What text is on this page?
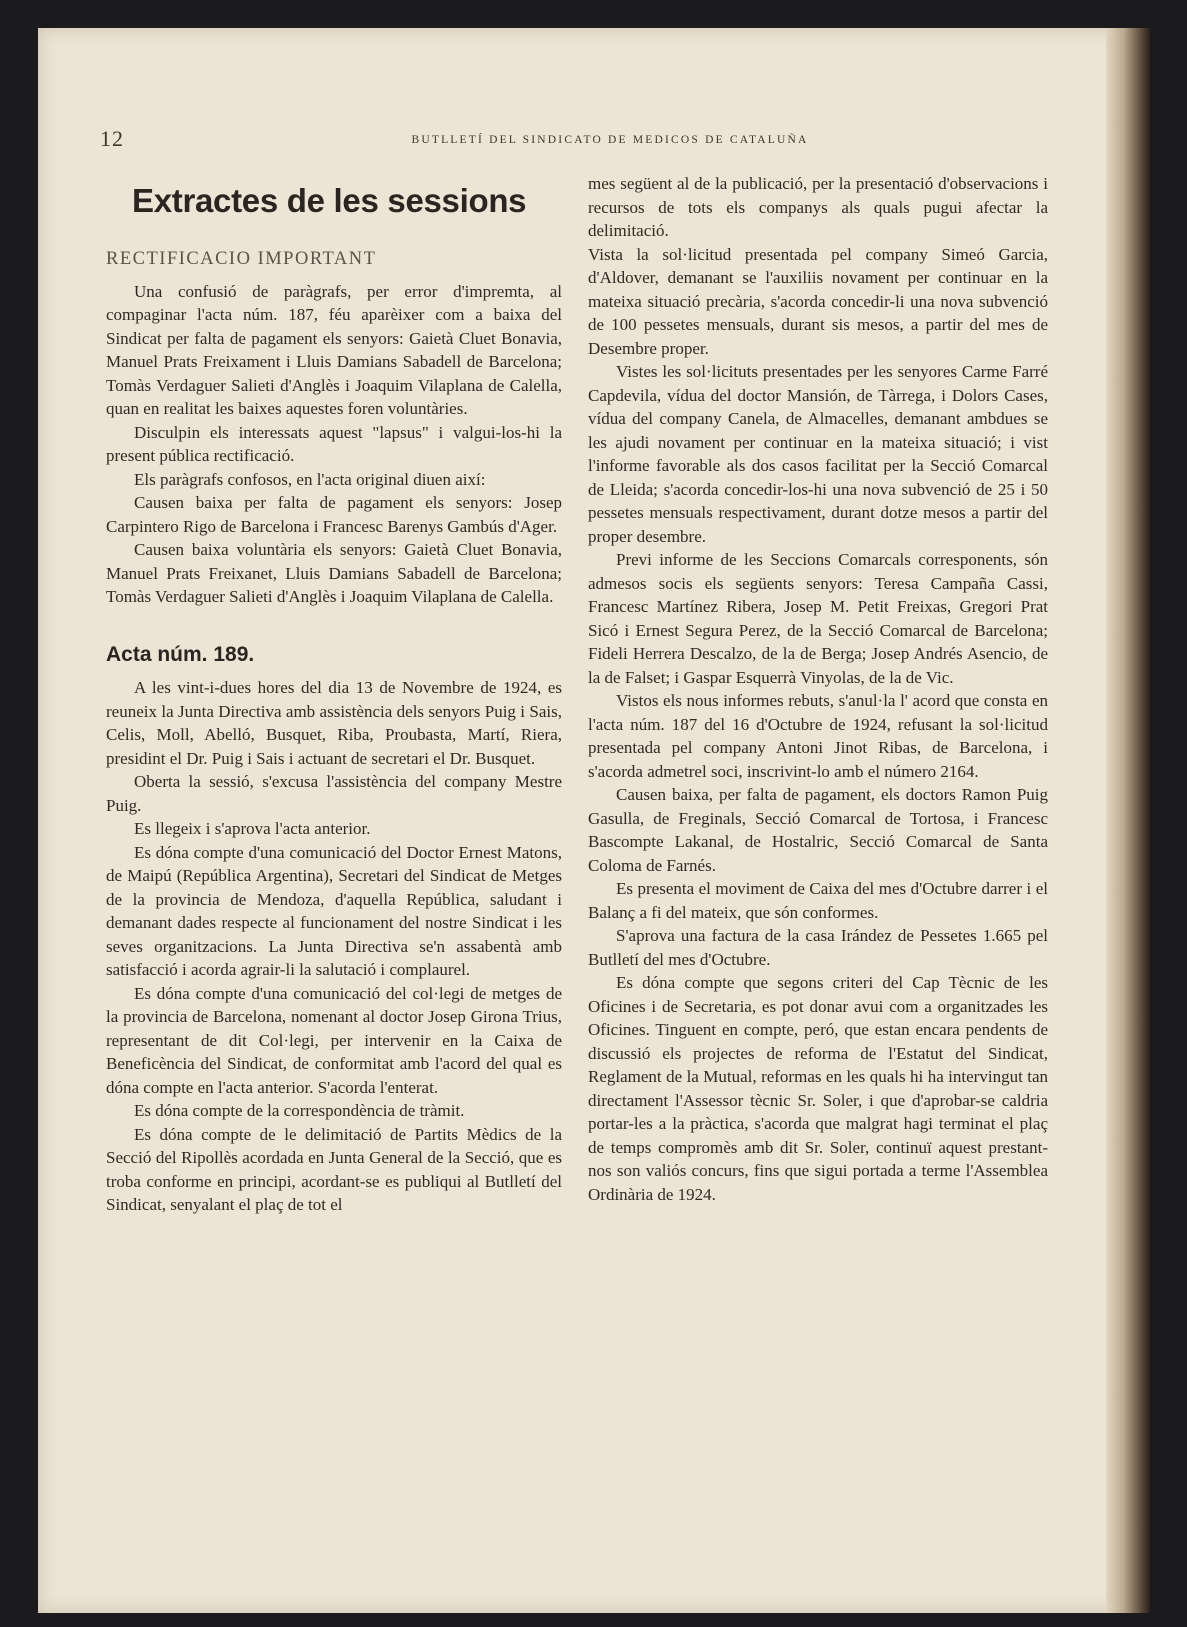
12	BUTLLETÍ DEL SINDICATO DE MEDICOS DE CATALUÑA
Extractes de les sessions
RECTIFICACIO IMPORTANT

Una confusió de paràgrafs, per error d'impremta, al compaginar l'acta núm. 187, féu aparèixer com a baixa del Sindicat per falta de pagament els senyors: Gaietà Cluet Bonavia, Manuel Prats Freixament i Lluis Damians Sabadell de Barcelona; Tomàs Verdaguer Salieti d'Anglès i Joaquim Vilaplana de Calella, quan en realitat les baixes aquestes foren voluntàries.

Disculpin els interessats aquest "lapsus" i valgui-los-hi la present pública rectificació.

Els paràgrafs confosos, en l'acta original diuen així:

Causen baixa per falta de pagament els senyors: Josep Carpintero Rigo de Barcelona i Francesc Barenys Gambús d'Ager.

Causen baixa voluntària els senyors: Gaietà Cluet Bonavia, Manuel Prats Freixanet, Lluis Damians Sabadell de Barcelona; Tomàs Verdaguer Salieti d'Anglès i Joaquim Vilaplana de Calella.

Acta núm. 189.

A les vint-i-dues hores del dia 13 de Novembre de 1924, es reuneix la Junta Directiva amb assistència dels senyors Puig i Sais, Celis, Moll, Abelló, Busquet, Riba, Proubasta, Martí, Riera, presidint el Dr. Puig i Sais i actuant de secretari el Dr. Busquet.

Oberta la sessió, s'excusa l'assistència del company Mestre Puig.

Es llegeix i s'aprova l'acta anterior.

Es dóna compte d'una comunicació del Doctor Ernest Matons, de Maipú (República Argentina), Secretari del Sindicat de Metges de la provincia de Mendoza, d'aquella República, saludant i demanant dades respecte al funcionament del nostre Sindicat i les seves organitzacions. La Junta Directiva se'n assabentà amb satisfacció i acorda agrair-li la salutació i complaurel.

Es dóna compte d'una comunicació del col·legi de metges de la provincia de Barcelona, nomenant al doctor Josep Girona Trius, representant de dit Col·legi, per intervenir en la Caixa de Beneficència del Sindicat, de conformitat amb l'acord del qual es dóna compte en l'acta anterior. S'acorda l'enterat.

Es dóna compte de la correspondència de tràmit.

Es dóna compte de le delimitació de Partits Mèdics de la Secció del Ripollès acordada en Junta General de la Secció, que es troba conforme en principi, acordant-se es publiqui al Butlletí del Sindicat, senyalant el plaç de tot el

mes següent al de la publicació, per la presentació d'observacions i recursos de tots els companys als quals pugui afectar la delimitació.

Vista la sol·licitud presentada pel company Simeó Garcia, d'Aldover, demanant se l'auxiliis novament per continuar en la mateixa situació precària, s'acorda concedir-li una nova subvenció de 100 pessetes mensuals, durant sis mesos, a partir del mes de Desembre proper.

Vistes les sol·licituts presentades per les senyores Carme Farré Capdevila, vídua del doctor Mansión, de Tàrrega, i Dolors Cases, vídua del company Canela, de Almacelles, demanant ambdues se les ajudi novament per continuar en la mateixa situació; i vist l'informe favorable als dos casos facilitat per la Secció Comarcal de Lleida; s'acorda concedir-los-hi una nova subvenció de 25 i 50 pessetes mensuals respectivament, durant dotze mesos a partir del proper desembre.

Previ informe de les Seccions Comarcals corresponents, són admesos socis els següents senyors: Teresa Campaña Cassi, Francesc Martínez Ribera, Josep M. Petit Freixas, Gregori Prat Sicó i Ernest Segura Perez, de la Secció Comarcal de Barcelona; Fideli Herrera Descalzo, de la de Berga; Josep Andrés Asencio, de la de Falset; i Gaspar Esquerrà Vinyolas, de la de Vic.

Vistos els nous informes rebuts, s'anul·la l' acord que consta en l'acta núm. 187 del 16 d'Octubre de 1924, refusant la sol·licitud presentada pel company Antoni Jinot Ribas, de Barcelona, i s'acorda admetrel soci, inscrivint-lo amb el número 2164.

Causen baixa, per falta de pagament, els doctors Ramon Puig Gasulla, de Freginals, Secció Comarcal de Tortosa, i Francesc Bascompte Lakanal, de Hostalric, Secció Comarcal de Santa Coloma de Farnés.

Es presenta el moviment de Caixa del mes d'Octubre darrer i el Balanç a fi del mateix, que són conformes.

S'aprova una factura de la casa Irández de Pessetes 1.665 pel Butlletí del mes d'Octubre.

Es dóna compte que segons criteri del Cap Tècnic de les Oficines i de Secretaria, es pot donar avui com a organitzades les Oficines. Tinguent en compte, peró, que estan encara pendents de discussió els projectes de reforma de l'Estatut del Sindicat, Reglament de la Mutual, reformas en les quals hi ha intervingut tan directament l'Assessor tècnic Sr. Soler, i que d'aprobar-se caldria portar-les a la pràctica, s'acorda que malgrat hagi terminat el plaç de temps compromès amb dit Sr. Soler, continuï aquest prestant-nos son valiós concurs, fins que sigui portada a terme l'Assemblea Ordinària de 1924.
